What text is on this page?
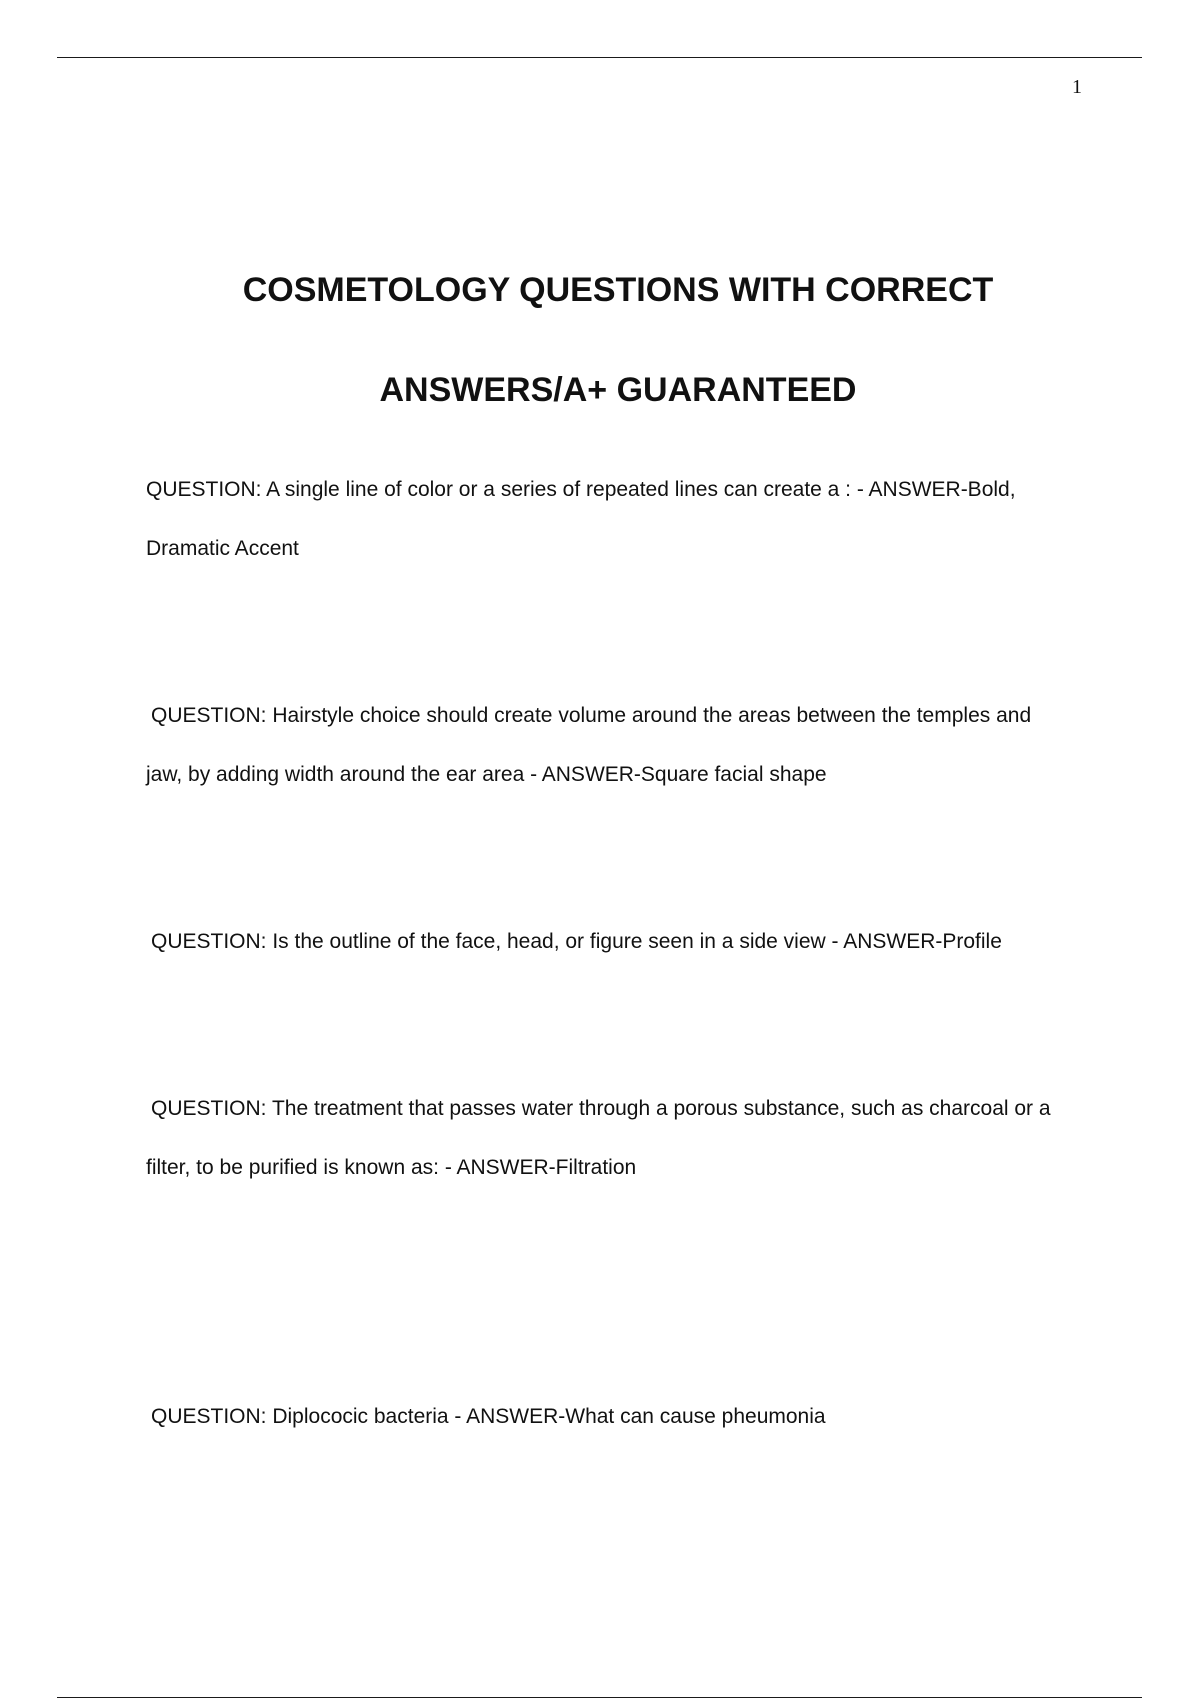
1
COSMETOLOGY QUESTIONS WITH CORRECT
ANSWERS/A+ GUARANTEED

QUESTION: A single line of color or a series of repeated lines can create a : - ANSWER-Bold,
Dramatic Accent

QUESTION: Hairstyle choice should create volume around the areas between the temples and
jaw, by adding width around the ear area - ANSWER-Square facial shape

QUESTION: Is the outline of the face, head, or figure seen in a side view - ANSWER-Profile

QUESTION: The treatment that passes water through a porous substance, such as charcoal or a
filter, to be purified is known as: - ANSWER-Filtration

QUESTION: Diplococic bacteria - ANSWER-What can cause pheumonia
